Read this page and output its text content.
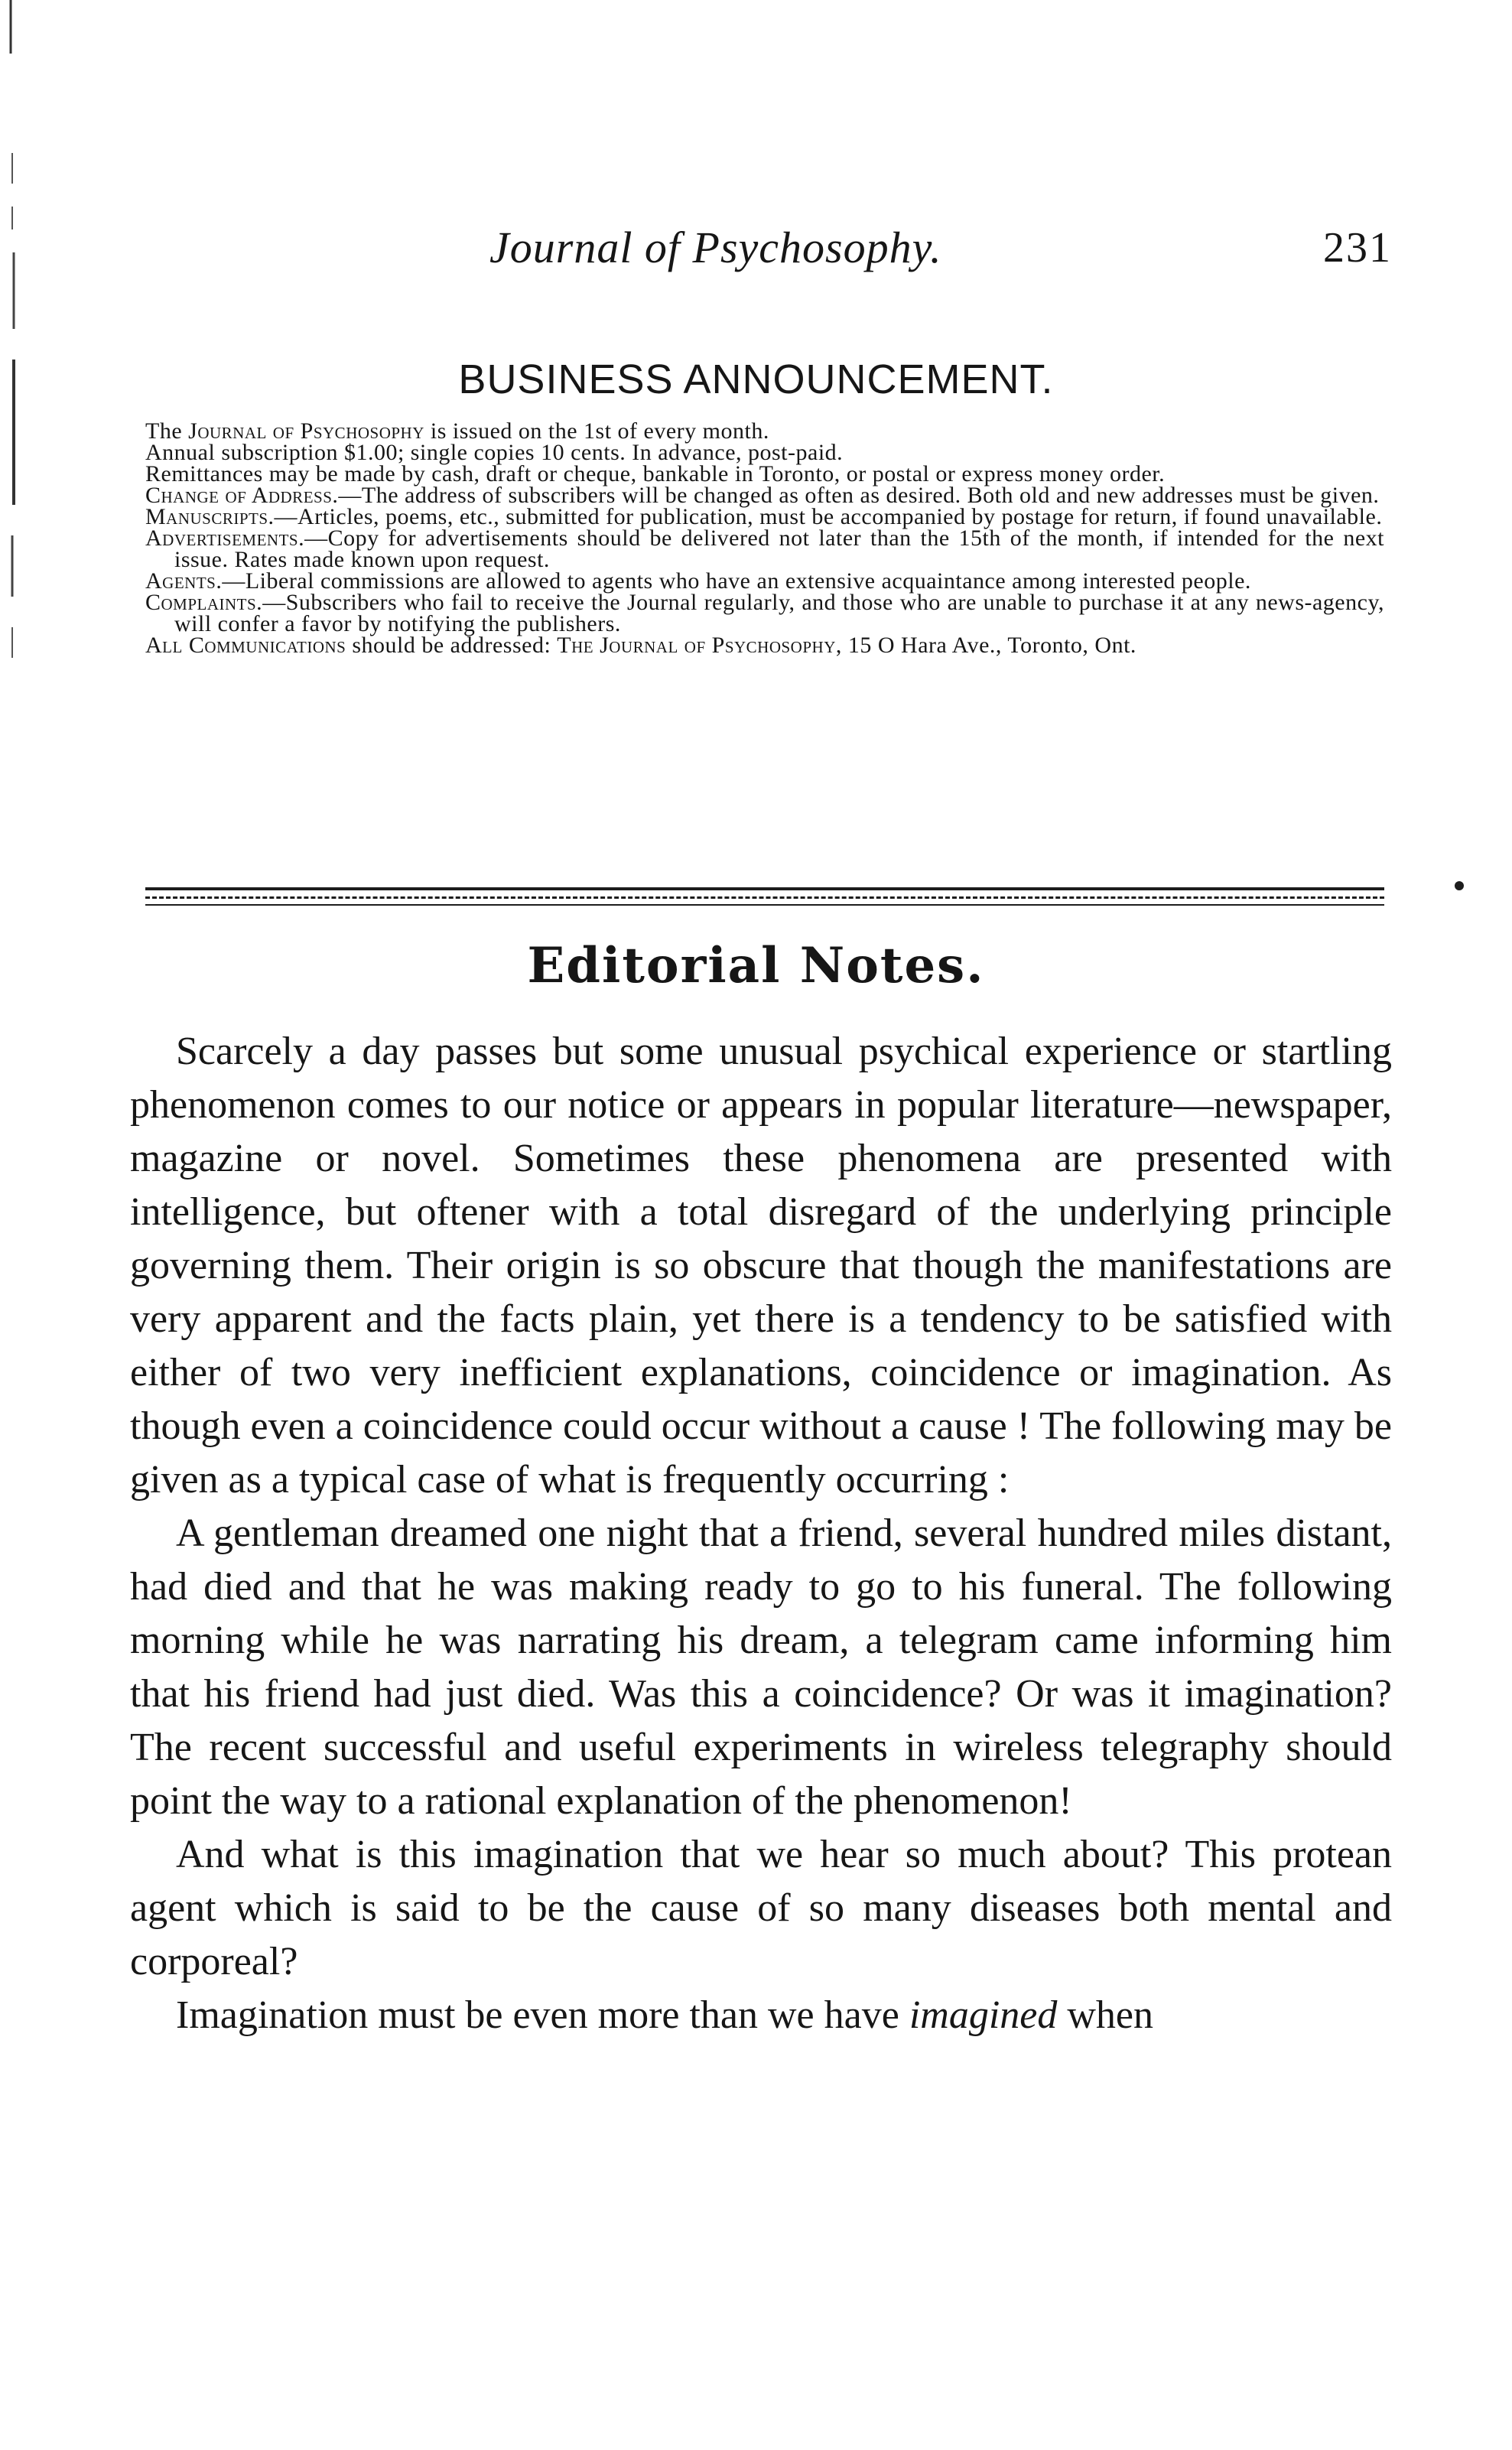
Journal of Psychosophy.	231
BUSINESS ANNOUNCEMENT.

The Journal of Psychosophy is issued on the 1st of every month.

Annual subscription $1.00; single copies 10 cents. In advance, post-paid.

Remittances may be made by cash, draft or cheque, bankable in Toronto, or postal or express money order.

Change of Address.—The address of subscribers will be changed as often as desired. Both old and new addresses must be given.

Manuscripts.—Articles, poems, etc., submitted for publication, must be accompanied by postage for return, if found unavailable.

Advertisements.—Copy for advertisements should be delivered not later than the 15th of the month, if intended for the next issue. Rates made known upon request.

Agents.—Liberal commissions are allowed to agents who have an extensive acquaintance among interested people.

Complaints.—Subscribers who fail to receive the Journal regularly, and those who are unable to purchase it at any news-agency, will confer a favor by notifying the publishers.

All Communications should be addressed: The Journal of Psychosophy, 15 O Hara Ave., Toronto, Ont.

Editorial Notes.

Scarcely a day passes but some unusual psychical experience or startling phenomenon comes to our notice or appears in popular literature—newspaper, magazine or novel. Sometimes these phenomena are presented with intelligence, but oftener with a total disregard of the underlying principle governing them. Their origin is so obscure that though the manifestations are very apparent and the facts plain, yet there is a tendency to be satisfied with either of two very inefficient explanations, coincidence or imagination. As though even a coincidence could occur without a cause ! The following may be given as a typical case of what is frequently occurring :

A gentleman dreamed one night that a friend, several hundred miles distant, had died and that he was making ready to go to his funeral. The following morning while he was narrating his dream, a telegram came informing him that his friend had just died. Was this a coincidence? Or was it imagination? The recent successful and useful experiments in wireless telegraphy should point the way to a rational explanation of the phenomenon!

And what is this imagination that we hear so much about? This protean agent which is said to be the cause of so many diseases both mental and corporeal?

Imagination must be even more than we have imagined when
